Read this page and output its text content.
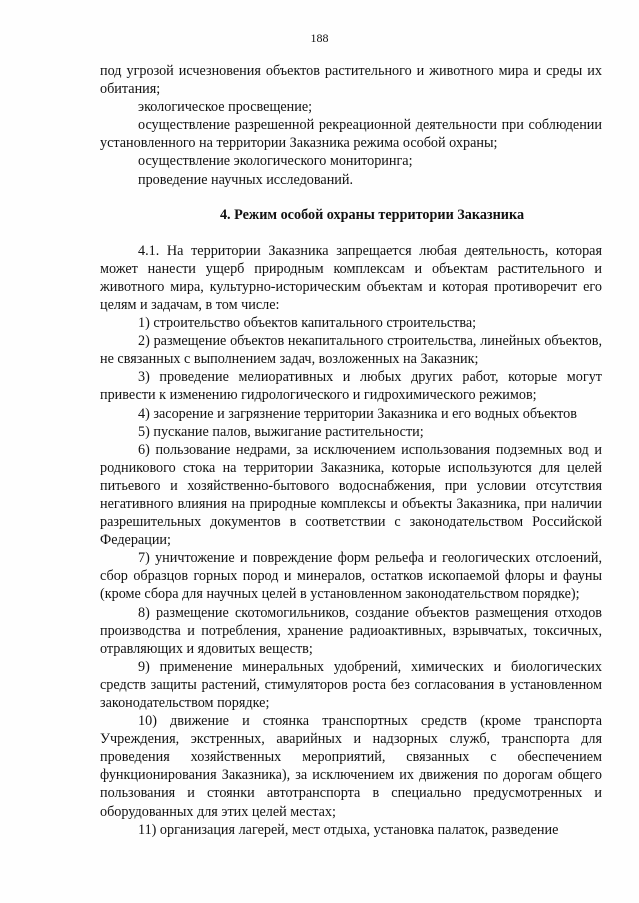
188

под угрозой исчезновения объектов растительного и животного мира и среды их обитания;

экологическое просвещение;

осуществление разрешенной рекреационной деятельности при соблюдении установленного на территории Заказника режима особой охраны;

осуществление экологического мониторинга;

проведение научных исследований.

4. Режим особой охраны территории Заказника

4.1. На территории Заказника запрещается любая деятельность, которая может нанести ущерб природным комплексам и объектам растительного и животного мира, культурно-историческим объектам и которая противоречит его целям и задачам, в том числе:

1) строительство объектов капитального строительства;

2) размещение объектов некапитального строительства, линейных объектов, не связанных с выполнением задач, возложенных на Заказник;

3) проведение мелиоративных и любых других работ, которые могут привести к изменению гидрологического и гидрохимического режимов;

4) засорение и загрязнение территории Заказника и его водных объектов

5) пускание палов, выжигание растительности;

6) пользование недрами, за исключением использования подземных вод и родникового стока на территории Заказника, которые используются для целей питьевого и хозяйственно-бытового водоснабжения, при условии отсутствия негативного влияния на природные комплексы и объекты Заказника, при наличии разрешительных документов в соответствии с законодательством Российской Федерации;

7) уничтожение и повреждение форм рельефа и геологических отслоений, сбор образцов горных пород и минералов, остатков ископаемой флоры и фауны (кроме сбора для научных целей в установленном законодательством порядке);

8) размещение скотомогильников, создание объектов размещения отходов производства и потребления, хранение радиоактивных, взрывчатых, токсичных, отравляющих и ядовитых веществ;

9) применение минеральных удобрений, химических и биологических средств защиты растений, стимуляторов роста без согласования в установленном законодательством порядке;

10) движение и стоянка транспортных средств (кроме транспорта Учреждения, экстренных, аварийных и надзорных служб, транспорта для проведения хозяйственных мероприятий, связанных с обеспечением функционирования Заказника), за исключением их движения по дорогам общего пользования и стоянки автотранспорта в специально предусмотренных и оборудованных для этих целей местах;

11) организация лагерей, мест отдыха, установка палаток, разведение
